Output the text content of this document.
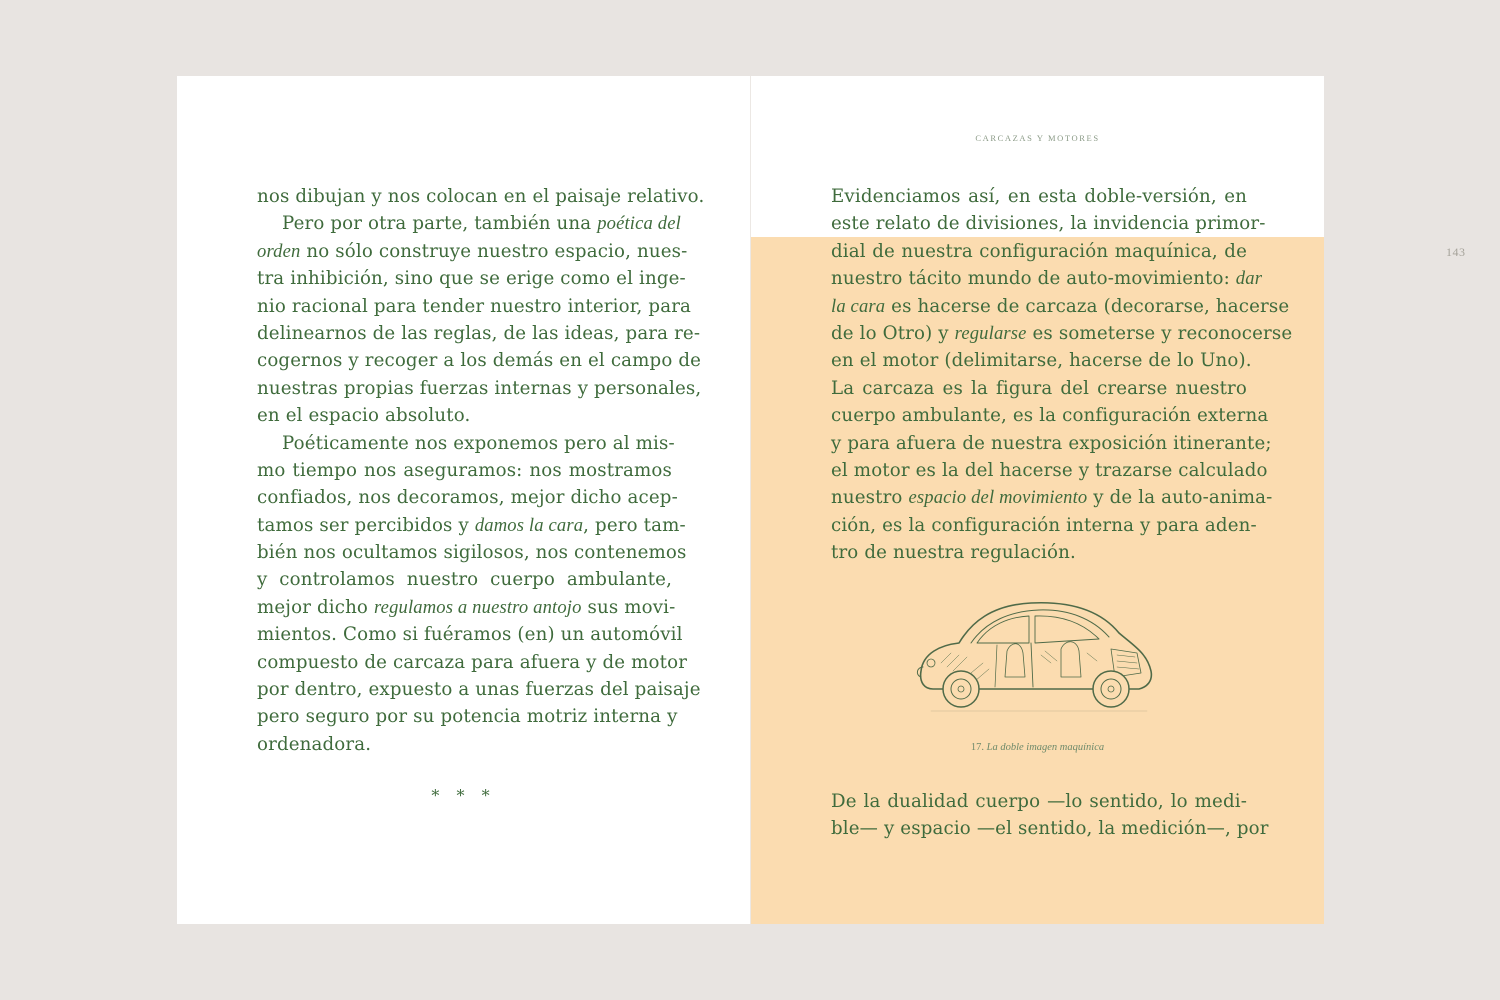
nos dibujan y nos colocan en el paisaje relativo.
Pero por otra parte, también una poética del
orden no sólo construye nuestro espacio, nues-
tra inhibición, sino que se erige como el inge-
nio racional para tender nuestro interior, para
delinearnos de las reglas, de las ideas, para re-
cogernos y recoger a los demás en el campo de
nuestras propias fuerzas internas y personales,
en el espacio absoluto.
Poéticamente nos exponemos pero al mis-
mo tiempo nos aseguramos: nos mostramos
confiados, nos decoramos, mejor dicho acep-
tamos ser percibidos y damos la cara, pero tam-
bién nos ocultamos sigilosos, nos contenemos
y controlamos nuestro cuerpo ambulante,
mejor dicho regulamos a nuestro antojo sus movi-
mientos. Como si fuéramos (en) un automóvil
compuesto de carcaza para afuera y de motor
por dentro, expuesto a unas fuerzas del paisaje
pero seguro por su potencia motriz interna y
ordenadora.
* * *
CARCAZAS Y MOTORES
143
Evidenciamos así, en esta doble-versión, en
este relato de divisiones, la invidencia primor-
dial de nuestra configuración maquínica, de
nuestro tácito mundo de auto-movimiento: dar
la cara es hacerse de carcaza (decorarse, hacerse
de lo Otro) y regularse es someterse y reconocerse
en el motor (delimitarse, hacerse de lo Uno).
La carcaza es la figura del crearse nuestro
cuerpo ambulante, es la configuración externa
y para afuera de nuestra exposición itinerante;
el motor es la del hacerse y trazarse calculado
nuestro espacio del movimiento y de la auto-anima-
ción, es la configuración interna y para aden-
tro de nuestra regulación.
17. La doble imagen maquínica
De la dualidad cuerpo —lo sentido, lo medi-
ble— y espacio —el sentido, la medición—, por
